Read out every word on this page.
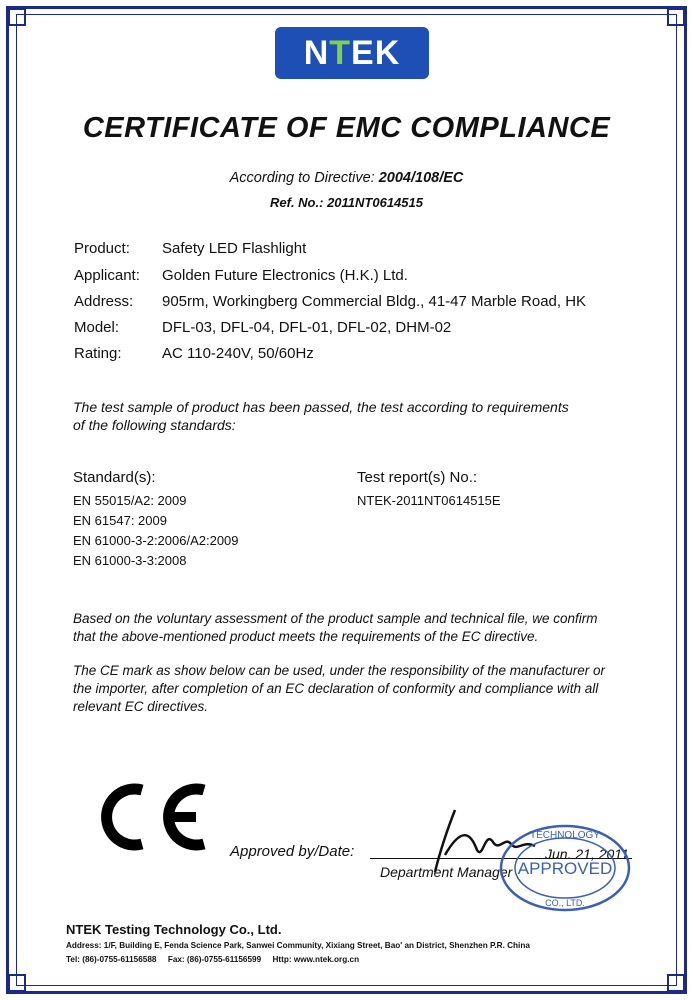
NTEK
CERTIFICATE OF EMC COMPLIANCE
According to Directive: 2004/108/EC
Ref. No.: 2011NT0614515
Product: Safety LED Flashlight
Applicant: Golden Future Electronics (H.K.) Ltd.
Address: 905rm, Workingberg Commercial Bldg., 41-47 Marble Road, HK
Model:	DFL-03, DFL-04, DFL-01, DFL-02, DHM-02
Rating:	AC 110-240V, 50/60Hz
The test sample of product has been passed, the test according to requirements
of the following standards:
Standard(s):
EN 55015/A2: 2009
EN 61547: 2009
EN 61000-3-2:2006/A2:2009
EN 61000-3-3:2008
Test report(s) No.:
NTEK-2011NT0614515E
Based on the voluntary assessment of the product sample and technical file, we confirm
that the above-mentioned product meets the requirements of the EC directive.
The CE mark as show below can be used, under the responsibility of the manufacturer or
the importer, after completion of an EC declaration of conformity and compliance with all
relevant EC directives.
Approved by/Date:	Jun. 21, 2011
Department Manager
TECHNOLOGY
APPROVED
CO., LTD.
NTEK Testing Technology Co., Ltd.
Address: 1/F, Building E, Fenda Science Park, Sanwei Community, Xixiang Street, Bao' an District, Shenzhen P.R. China
Tel: (86)-0755-61156588 Fax: (86)-0755-61156599 Http: www.ntek.org.cn
